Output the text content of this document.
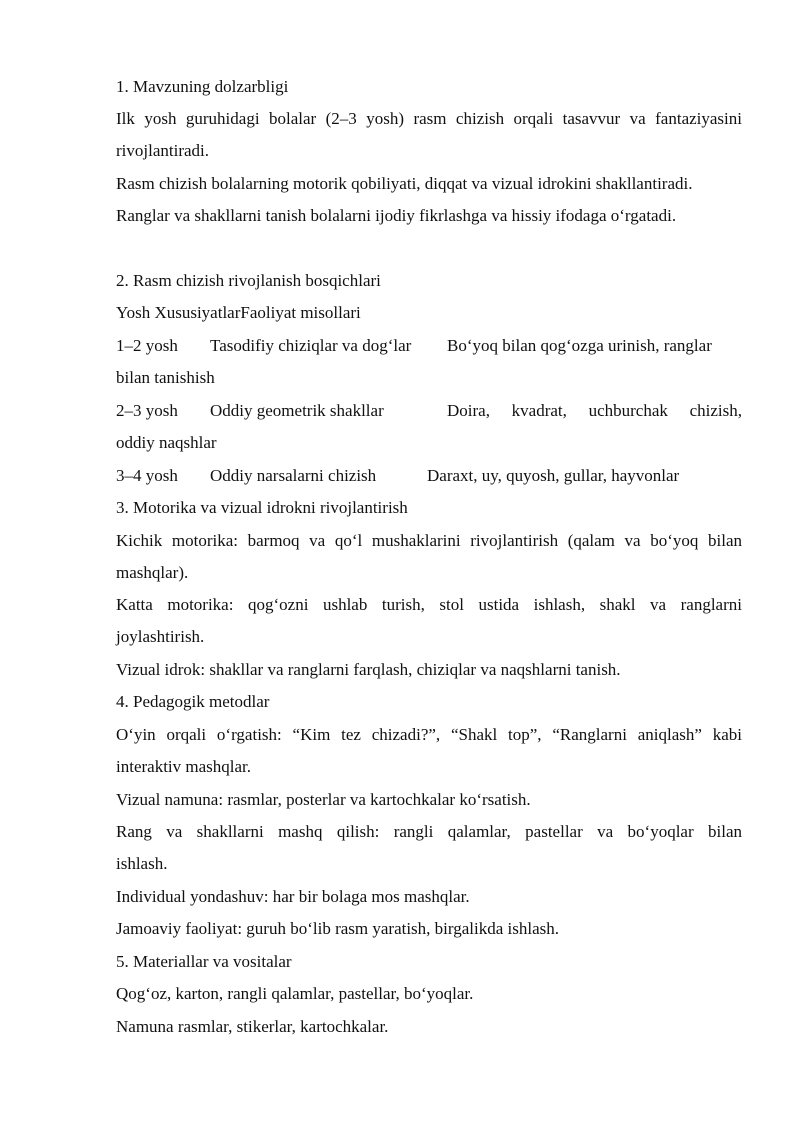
1. Mavzuning dolzarbligi
Ilk yosh guruhidagi bolalar (2–3 yosh) rasm chizish orqali tasavvur va fantaziyasini
rivojlantiradi.
Rasm chizish bolalarning motorik qobiliyati, diqqat va vizual idrokini shakllantiradi.
Ranglar va shakllarni tanish bolalarni ijodiy fikrlashga va hissiy ifodaga o‘rgatadi.
2. Rasm chizish rivojlanish bosqichlari
Yosh XususiyatlarFaoliyat misollari
1–2 yosh Tasodifiy chiziqlar va dog‘lar Bo‘yoq bilan qog‘ozga urinish, ranglar
bilan tanishish
2–3 yosh Oddiy geometrik shakllar	Doira, kvadrat, uchburchak chizish,
oddiy naqshlar
3–4 yosh Oddiy narsalarni chizish	Daraxt, uy, quyosh, gullar, hayvonlar
3. Motorika va vizual idrokni rivojlantirish
Kichik motorika: barmoq va qo‘l mushaklarini rivojlantirish (qalam va bo‘yoq bilan
mashqlar).
Katta motorika: qog‘ozni ushlab turish, stol ustida ishlash, shakl va ranglarni
joylashtirish.
Vizual idrok: shakllar va ranglarni farqlash, chiziqlar va naqshlarni tanish.
4. Pedagogik metodlar
O‘yin orqali o‘rgatish: “Kim tez chizadi?”, “Shakl top”, “Ranglarni aniqlash” kabi
interaktiv mashqlar.
Vizual namuna: rasmlar, posterlar va kartochkalar ko‘rsatish.
Rang va shakllarni mashq qilish: rangli qalamlar, pastellar va bo‘yoqlar bilan
ishlash.
Individual yondashuv: har bir bolaga mos mashqlar.
Jamoaviy faoliyat: guruh bo‘lib rasm yaratish, birgalikda ishlash.
5. Materiallar va vositalar
Qog‘oz, karton, rangli qalamlar, pastellar, bo‘yoqlar.
Namuna rasmlar, stikerlar, kartochkalar.
